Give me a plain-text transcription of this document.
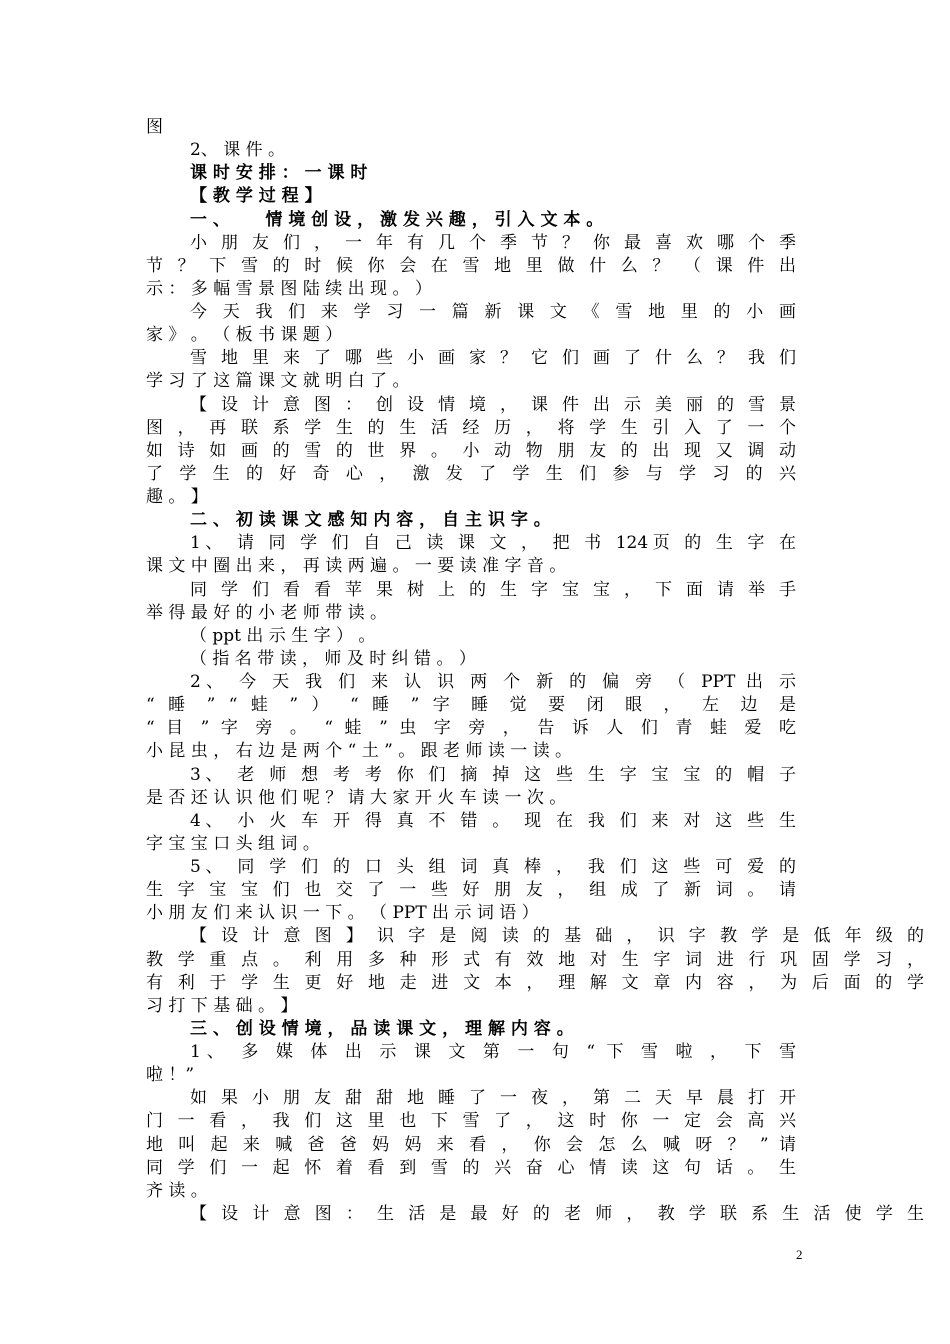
图
2、 课 件 。
课 时 安 排 ： 一 课 时
【 教 学 过 程 】
一 、      情 境 创 设 ， 激 发 兴 趣 ， 引 入 文 本 。
小 朋 友 们 ， 一 年 有 几 个 季 节 ？ 你 最 喜 欢 哪 个 季
节 ？ 下 雪 的 时 候 你 会 在 雪 地 里 做 什 么 ？ （ 课 件 出
示 ： 多 幅 雪 景 图 陆 续 出 现 。 ）
今 天 我 们 来 学 习 一 篇 新 课 文 《 雪 地 里 的 小 画
家 》 。 （ 板 书 课 题 ）
雪 地 里 来 了 哪 些 小 画 家 ？ 它 们 画 了 什 么 ？ 我 们
学 习 了 这 篇 课 文 就 明 白 了 。
【 设 计 意 图 ： 创 设 情 境 ， 课 件 出 示 美 丽 的 雪 景
图 ， 再 联 系 学 生 的 生 活 经 历 ， 将 学 生 引 入 了 一 个
如 诗 如 画 的 雪 的 世 界 。 小 动 物 朋 友 的 出 现 又 调 动
了 学 生 的 好 奇 心 ， 激 发 了 学 生 们 参 与 学 习 的 兴
趣 。 】
二 、 初 读 课 文 感 知 内 容 ， 自 主 识 字 。
1、 请 同 学 们 自 己 读 课 文 ， 把 书 124页 的 生 字 在
课 文 中 圈 出 来 ， 再 读 两 遍 。 一 要 读 准 字 音 。
同 学 们 看 看 苹 果 树 上 的 生 字 宝 宝 ， 下 面 请 举 手
举 得 最 好 的 小 老 师 带 读 。
（ ppt 出 示 生 字 ） 。
（ 指 名 带 读 ， 师 及 时 纠 错 。 ）
2、 今 天 我 们 来 认 识 两 个 新 的 偏 旁 （ PPT 出 示
“ 睡 ” “ 蛙 ” ） “ 睡 ” 字 睡 觉 要 闭 眼 ， 左 边 是
“ 目 ” 字 旁 。 “ 蛙 ” 虫 字 旁 ， 告 诉 人 们 青 蛙 爱 吃
小 昆 虫 ， 右 边 是 两 个 “ 土 ” 。 跟 老 师 读 一 读 。
3、 老 师 想 考 考 你 们 摘 掉 这 些 生 字 宝 宝 的 帽 子
是 否 还 认 识 他 们 呢 ？ 请 大 家 开 火 车 读 一 次 。
4、 小 火 车 开 得 真 不 错 。 现 在 我 们 来 对 这 些 生
字 宝 宝 口 头 组 词 。
5、 同 学 们 的 口 头 组 词 真 棒 ， 我 们 这 些 可 爱 的
生 字 宝 宝 们 也 交 了 一 些 好 朋 友 ， 组 成 了 新 词 。 请
小 朋 友 们 来 认 识 一 下 。 （ PPT 出 示 词 语 ）
【 设 计 意 图 】 识 字 是 阅 读 的 基 础 ， 识 字 教 学 是 低 年 级 的
教 学 重 点 。 利 用 多 种 形 式 有 效 地 对 生 字 词 进 行 巩 固 学 习 ，
有 利 于 学 生 更 好 地 走 进 文 本 ， 理 解 文 章 内 容 ， 为 后 面 的 学
习 打 下 基 础 。 】
三 、 创 设 情 境 ， 品 读 课 文 ， 理 解 内 容 。
1、 多 媒 体 出 示 课 文 第 一 句 “ 下 雪 啦 ， 下 雪
啦 ！”
如 果 小 朋 友 甜 甜 地 睡 了 一 夜 ， 第 二 天 早 晨 打 开
门 一 看 ， 我 们 这 里 也 下 雪 了 ， 这 时 你 一 定 会 高 兴
地 叫 起 来 喊 爸 爸 妈 妈 来 看 ， 你 会 怎 么 喊 呀 ？ ” 请
同 学 们 一 起 怀 着 看 到 雪 的 兴 奋 心 情 读 这 句 话 。 生
齐 读 。
【 设 计 意 图 ： 生 活 是 最 好 的 老 师 ， 教 学 联 系 生 活 使 学 生
2
